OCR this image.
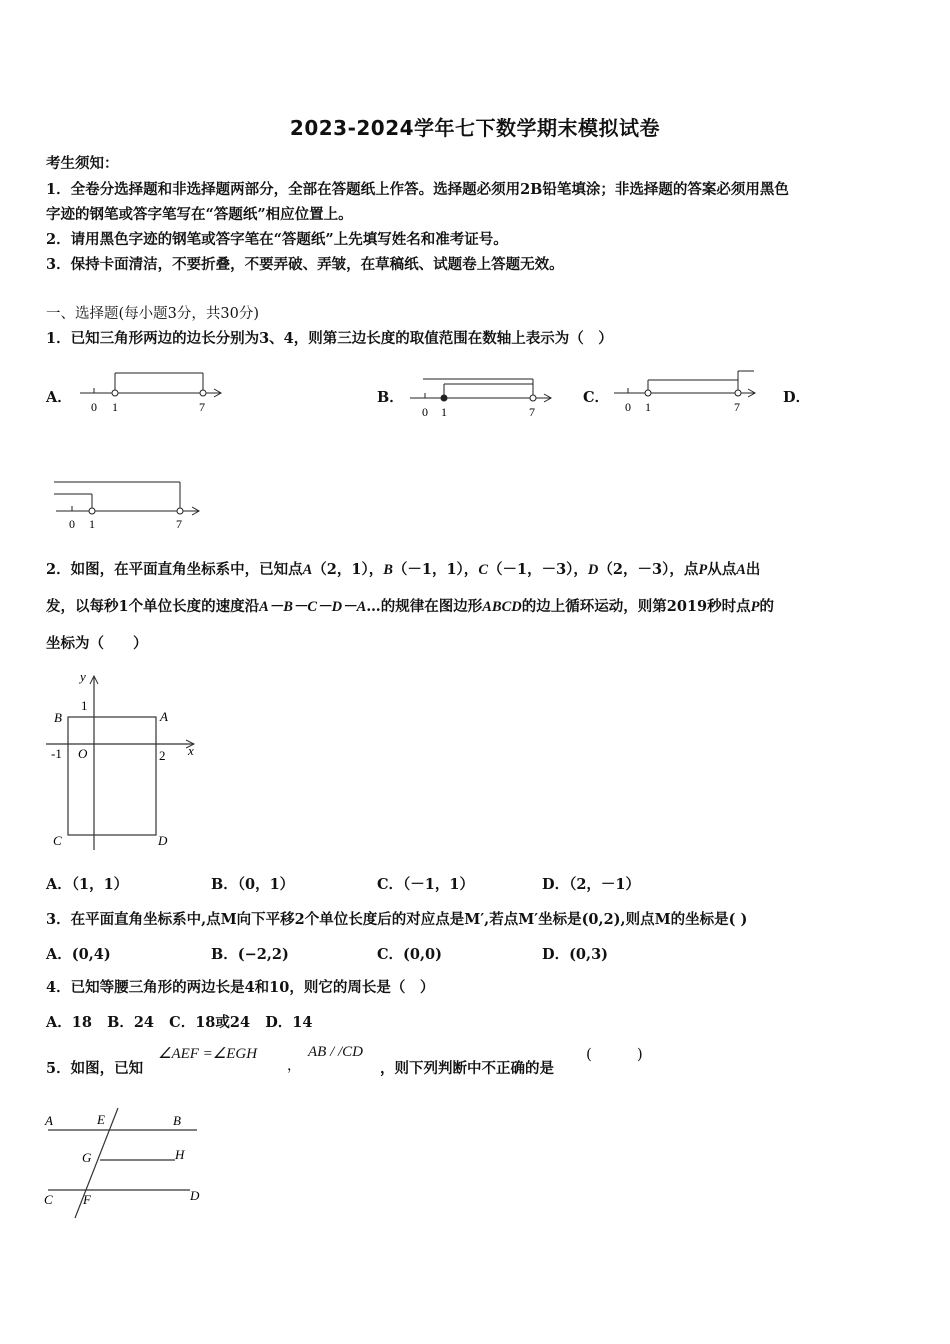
2023-2024学年七下数学期末模拟试卷
考生须知：
1．全卷分选择题和非选择题两部分，全部在答题纸上作答。选择题必须用2B铅笔填涂；非选择题的答案必须用黑色
字迹的钢笔或答字笔写在“答题纸”相应位置上。
2．请用黑色字迹的钢笔或答字笔在“答题纸”上先填写姓名和准考证号。
3．保持卡面清洁，不要折叠，不要弄破、弄皱，在草稿纸、试题卷上答题无效。
一、选择题(每小题3分，共30分)
1．已知三角形两边的边长分别为3、4，则第三边长度的取值范围在数轴上表示为（　）
A．
0 1	7
B．
0 1	7
C．
0 1	7
D．
0 1	7
2．如图，在平面直角坐标系中，已知点A（2，1），B（－1，1），C（－1，－3），D（2，－3），点P从点A出
发，以每秒1个单位长度的速度沿A－B－C－D－A…的规律在图边形ABCD的边上循环运动，则第2019秒时点P的
坐标为（　　）
y
x
1
O
-1	2
A
B
C	D
A．（1，1）	B．（0，1）	C．（－1，1）	D．（2，－1）
3．在平面直角坐标系中,点M向下平移2个单位长度后的对应点是M′,若点M′坐标是(0,2),则点M的坐标是( )
A．(0,4)	B．(−2,2)	C．(0,0)	D．(0,3)
4．已知等腰三角形的两边长是4和10，则它的周长是（　）
A．18   B．24   C．18或24   D．14
5．如图，已知
∠AEF =∠EGH
，
AB / /CD
，则下列判断中不正确的是
(　　　)
A	E	B
G	H
C F	D
